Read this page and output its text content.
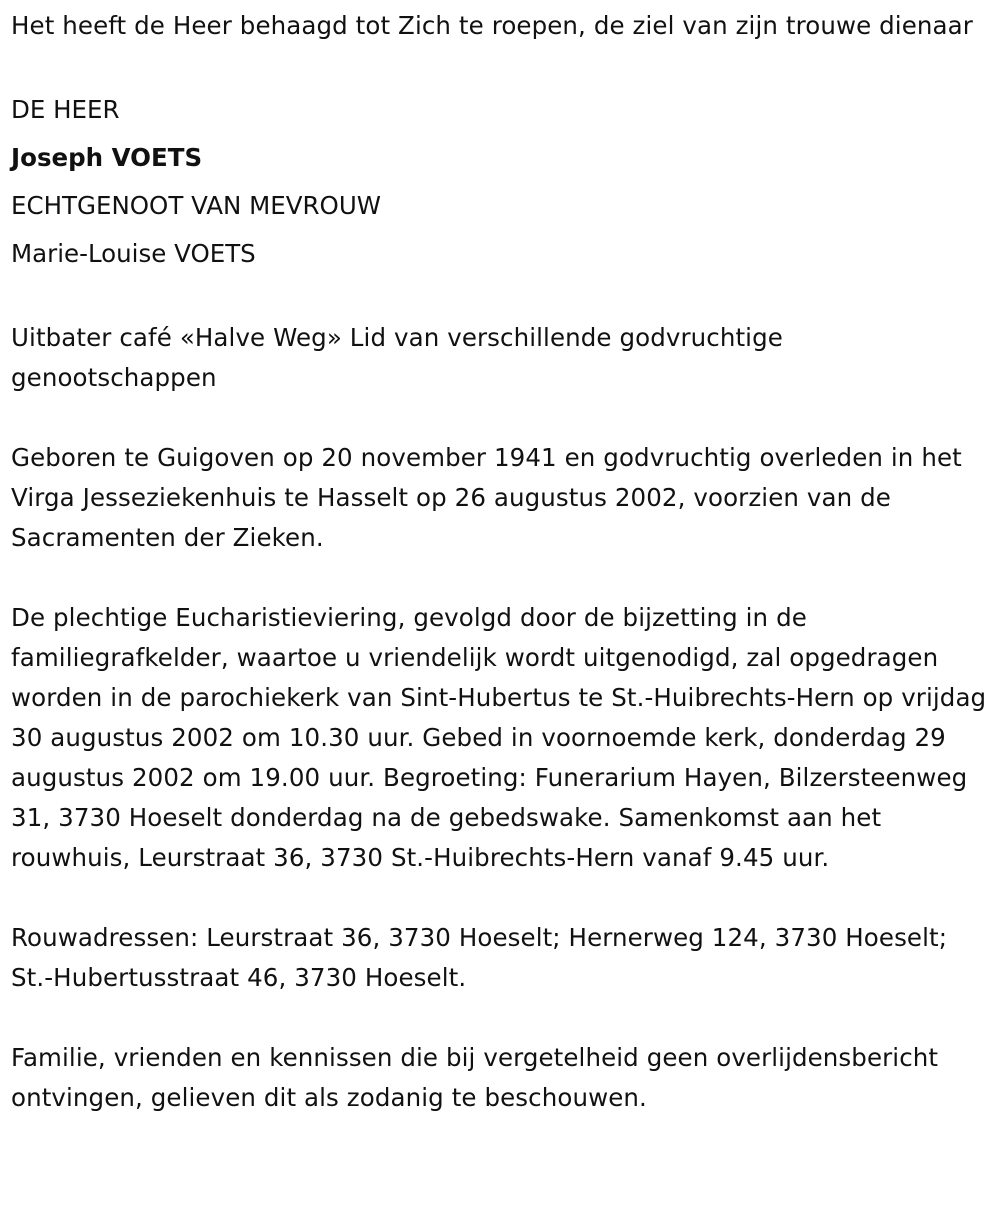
Het heeft de Heer behaagd tot Zich te roepen, de ziel van zijn trouwe dienaar

DE HEER

Joseph VOETS

ECHTGENOOT VAN MEVROUW

Marie-Louise VOETS

Uitbater café «Halve Weg» Lid van verschillende godvruchtige genootschappen

Geboren te Guigoven op 20 november 1941 en godvruchtig overleden in het Virga Jesseziekenhuis te Hasselt op 26 augustus 2002, voorzien van de Sacramenten der Zieken.

De plechtige Eucharistieviering, gevolgd door de bijzetting in de familiegrafkelder, waartoe u vriendelijk wordt uitgenodigd, zal opgedragen worden in de parochiekerk van Sint-Hubertus te St.-Huibrechts-Hern op vrijdag 30 augustus 2002 om 10.30 uur. Gebed in voornoemde kerk, donderdag 29 augustus 2002 om 19.00 uur. Begroeting: Funerarium Hayen, Bilzersteenweg 31, 3730 Hoeselt donderdag na de gebedswake. Samenkomst aan het rouwhuis, Leurstraat 36, 3730 St.-Huibrechts-Hern vanaf 9.45 uur.

Rouwadressen: Leurstraat 36, 3730 Hoeselt; Hernerweg 124, 3730 Hoeselt; St.-Hubertusstraat 46, 3730 Hoeselt.

Familie, vrienden en kennissen die bij vergetelheid geen overlijdensbericht ontvingen, gelieven dit als zodanig te beschouwen.
